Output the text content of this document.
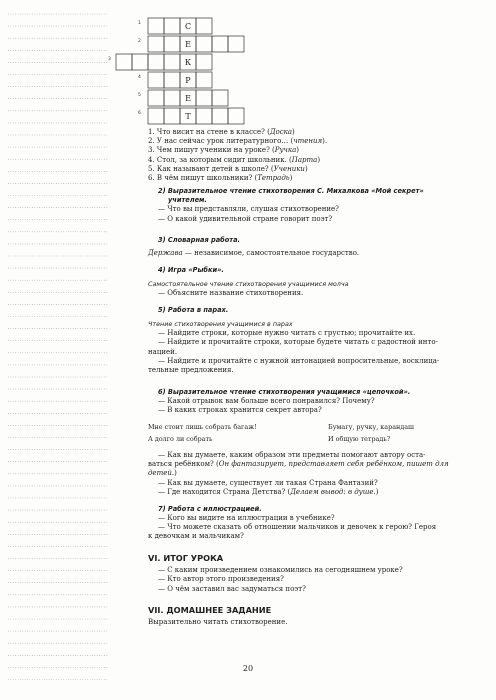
1
2
3
4
5
6
С
Е
К
Р
Е
Т
1. Что висит на стене в классе? (Доска)
2. У нас сейчас урок литературного… (чтения).
3. Чем пишут ученики на уроке? (Ручка)
4. Стол, за которым сидит школьник. (Парта)
5. Как называют детей в школе? (Ученики)
6. В чём пишут школьники? (Тетрадь)
2) Выразительное чтение стихотворения С. Михалкова «Мой секрет»
учителем.
— Что вы представляли, слушая стихотворение?
— О какой удивительной стране говорит поэт?
3) Словарная работа.
Держава — независимое, самостоятельное государство.
4) Игра «Рыбки».
Самостоятельное чтение стихотворения учащимися молча
— Объясните название стихотворения.
5) Работа в парах.
Чтение стихотворения учащимися в парах
— Найдите строки, которые нужно читать с грустью; прочитайте их.
— Найдите и прочитайте строки, которые будете читать с радостной инто-
нацией.
— Найдите и прочитайте с нужной интонацией вопросительные, восклица-
тельные предложения.
6) Выразительное чтение стихотворения учащимися «цепочкой».
— Какой отрывок вам больше всего понравился? Почему?
— В каких строках хранится секрет автора?
Мне стоит лишь собрать багаж!
А долго ли собрать
Бумагу, ручку, карандаш
И общую тетрадь?
— Как вы думаете, каким образом эти предметы помогают автору оста-
ваться ребёнком? (Он фантазирует, представляет себя ребёнком, пишет для
детей.)
— Как вы думаете, существует ли такая Страна Фантазий?
— Где находится Страна Детства? (Делаем вывод: в душе.)
7) Работа с иллюстрацией.
— Кого вы видите на иллюстрации в учебнике?
— Что можете сказать об отношении мальчиков и девочек к герою? Героя
к девочкам и мальчикам?
VI. ИТОГ УРОКА
— С каким произведением ознакомились на сегодняшнем уроке?
— Кто автор этого произведения?
— О чём заставил вас задуматься поэт?
VII. ДОМАШНЕЕ ЗАДАНИЕ
Выразительно читать стихотворение.
20
